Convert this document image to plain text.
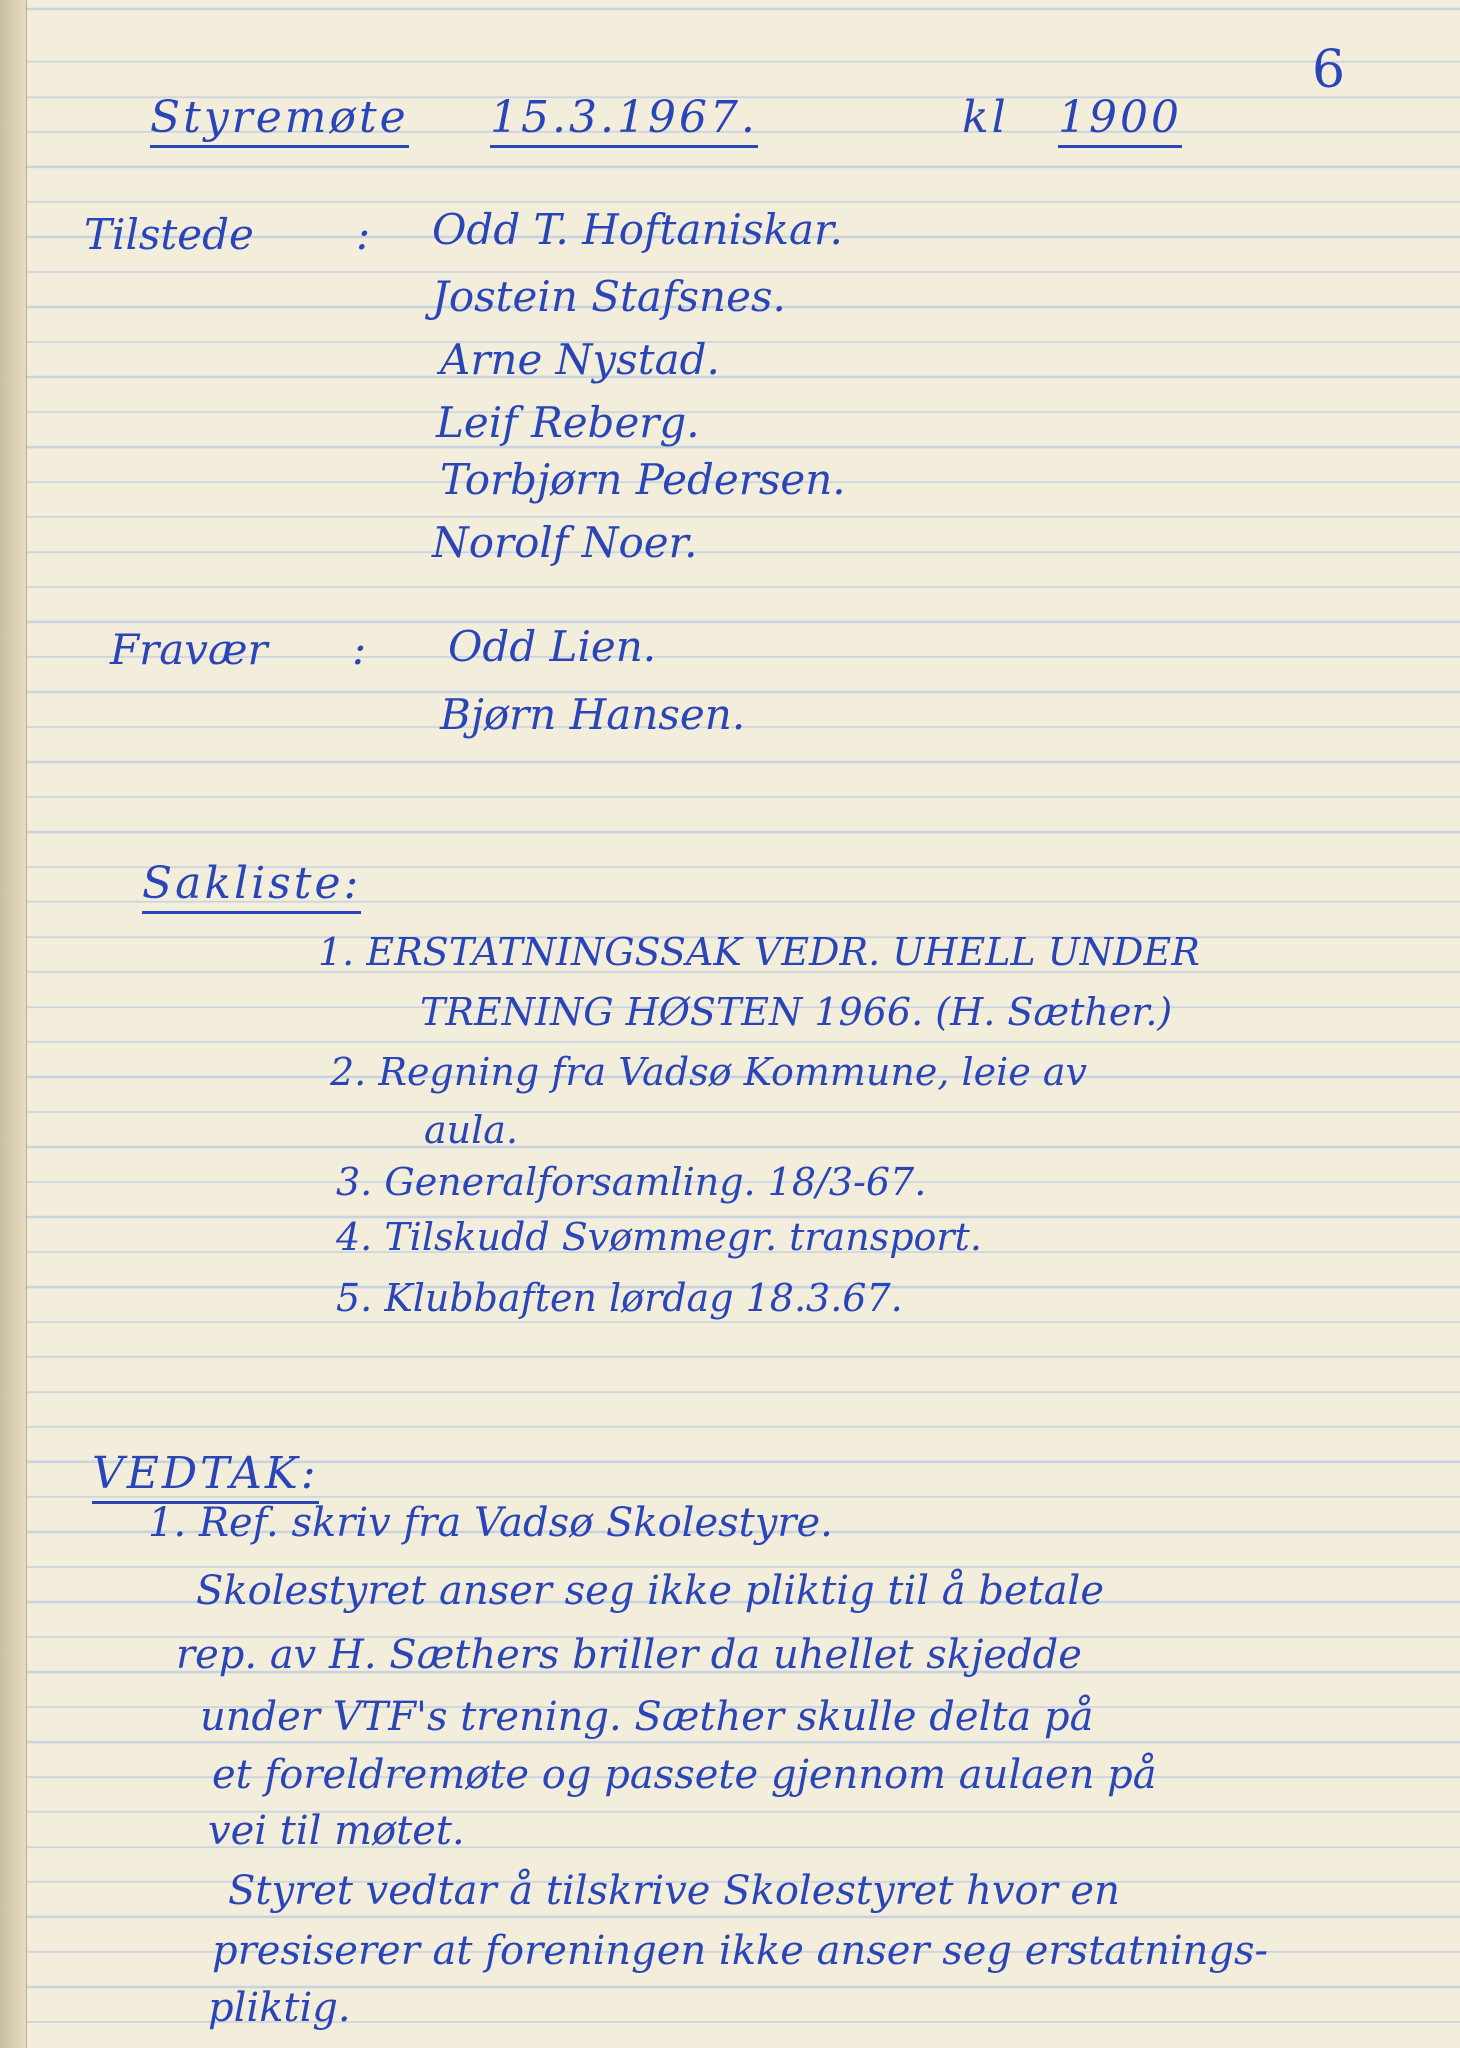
6
Styremøte 15.3.1967.	kl 1900
Tilstede : Odd T. Hoftaniskar.
Jostein Stafsnes.
Arne Nystad.
Leif Reberg.
Torbjørn Pedersen.
Norolf Noer.
Fravær : Odd Lien.
Bjørn Hansen.
Sakliste:
1. ERSTATNINGSSAK VEDR. UHELL UNDER
TRENING HØSTEN 1966. (H. Sæther.)
2. Regning fra Vadsø Kommune, leie av
aula.
3. Generalforsamling. 18/3-67.
4. Tilskudd Svømmegr. transport.
5. Klubbaften lørdag 18.3.67.
VEDTAK:
1. Ref. skriv fra Vadsø Skolestyre.
Skolestyret anser seg ikke pliktig til å betale
rep. av H. Sæthers briller da uhellet skjedde
under VTF's trening. Sæther skulle delta på
et foreldremøte og passete gjennom aulaen på
vei til møtet.
Styret vedtar å tilskrive Skolestyret hvor en
presiserer at foreningen ikke anser seg erstatnings-
pliktig.
